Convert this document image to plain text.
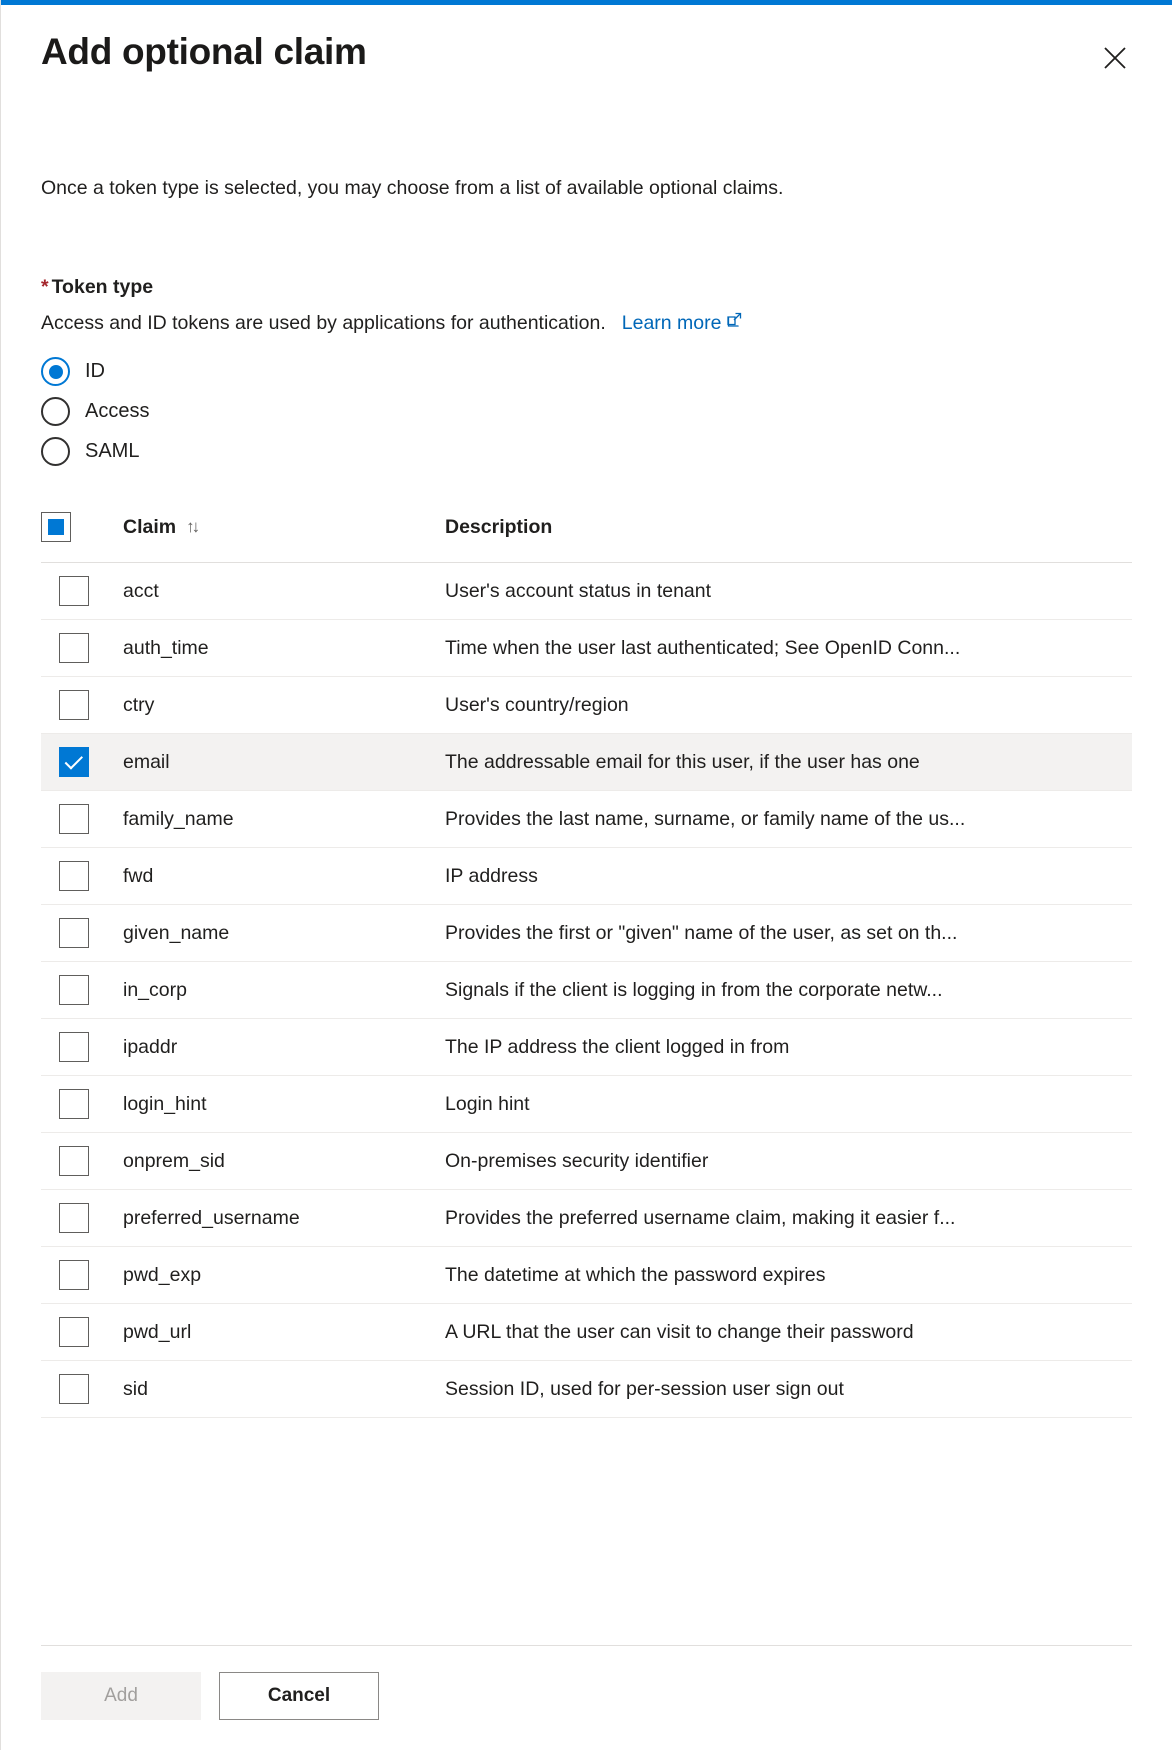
Add optional claim
Once a token type is selected, you may choose from a list of available optional claims.
* Token type
Access and ID tokens are used by applications for authentication. Learn more
ID
Access
SAML

	Claim ↑↓	Description
	acct	User's account status in tenant
	auth_time	Time when the user last authenticated; See OpenID Conn...
	ctry	User's country/region

	email	The addressable email for this user, if the user has one
	family_name	Provides the last name, surname, or family name of the us...
	fwd	IP address
	given_name	Provides the first or "given" name of the user, as set on th...
	in_corp	Signals if the client is logging in from the corporate netw...
	ipaddr	The IP address the client logged in from
	login_hint	Login hint
	onprem_sid	On-premises security identifier
	preferred_username	Provides the preferred username claim, making it easier f...
	pwd_exp	The datetime at which the password expires
	pwd_url	A URL that the user can visit to change their password
	sid	Session ID, used for per-session user sign out
Add	Cancel
